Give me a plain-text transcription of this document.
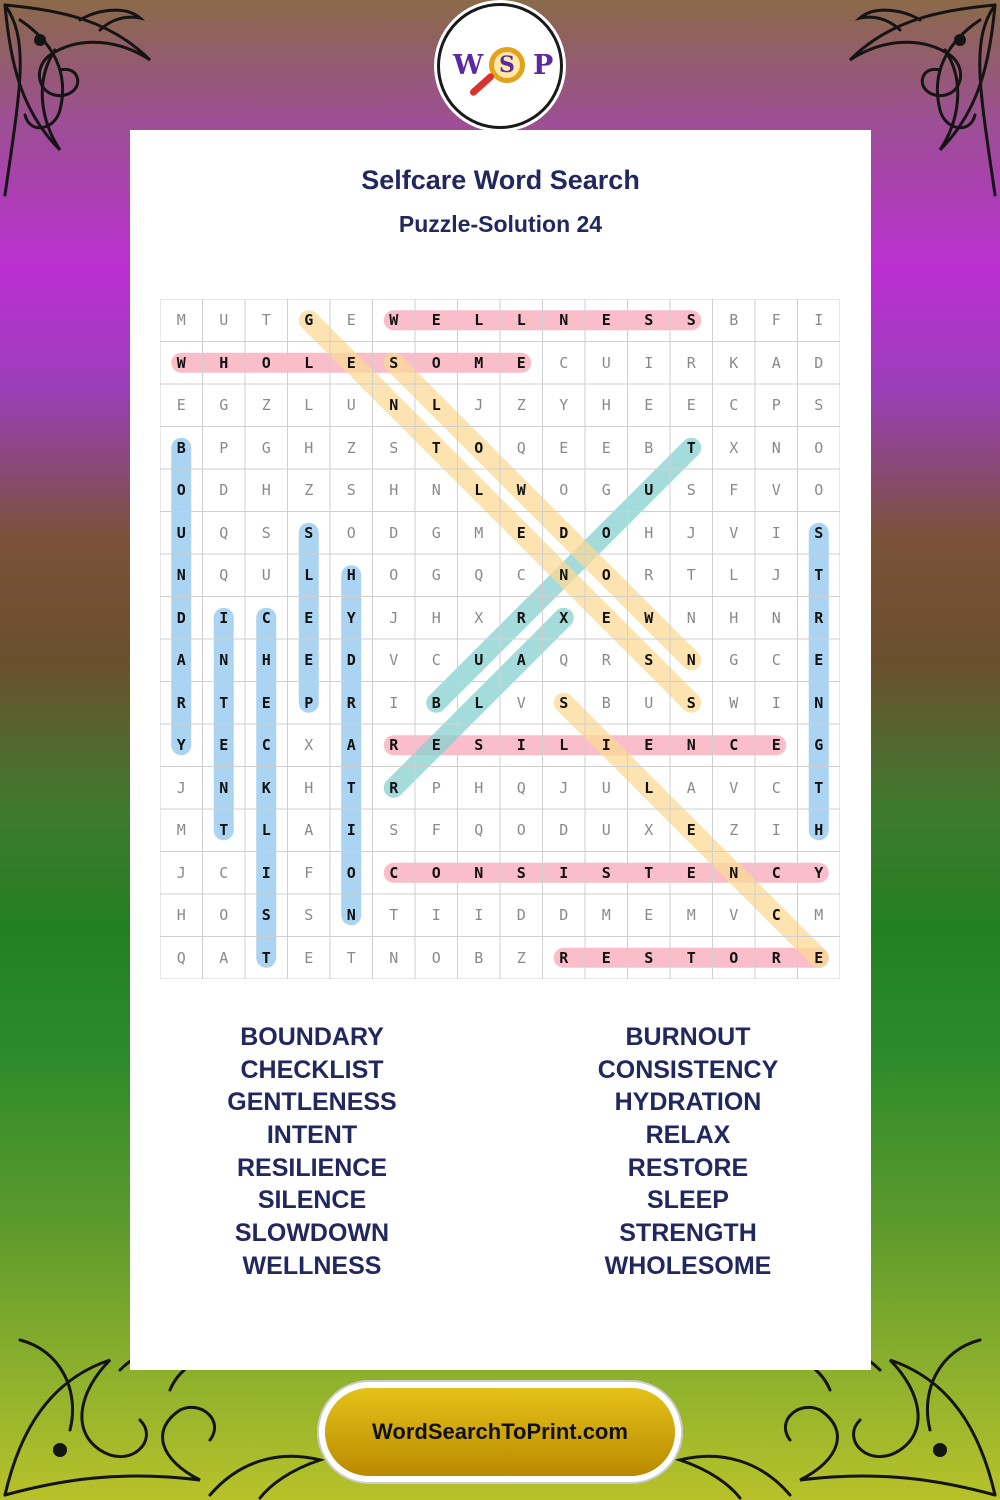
W S P
Selfcare Word Search
Puzzle-Solution 24
M	U	T	G	E	W	E	L	L	N	E	S	S	B	F	I
W	H	O	L	E	S	O	M	E	C	U	I	R	K	A	D
E	G	Z	L	U	N	L	J	Z	Y	H	E	E	C	P	S
B	P	G	H	Z	S	T	O	Q	E	E	B	T	X	N	O
O	D	H	Z	S	H	N	L	W	O	G	U	S	F	V	O
U	Q	S	S	O	D	G	M	E	D	O	H	J	V	I	S
N	Q	U	L	H	O	G	Q	C	N	O	R	T	L	J	T
D	I	C	E	Y	J	H	X	R	X	E	W	N	H	N	R
A	N	H	E	D	V	C	U	A	Q	R	S	N	G	C	E
R	T	E	P	R	I	B	L	V	S	B	U	S	W	I	N
Y	E	C	X	A	R	E	S	I	L	I	E	N	C	E	G
J	N	K	H	T	R	P	H	Q	J	U	L	A	V	C	T
M	T	L	A	I	S	F	Q	O	D	U	X	E	Z	I	H
J	C	I	F	O	C	O	N	S	I	S	T	E	N	C	Y
H	O	S	S	N	T	I	I	D	D	M	E	M	V	C	M
Q	A	T	E	T	N	O	B	Z	R	E	S	T	O	R	E
BOUNDARY
CHECKLIST
GENTLENESS
INTENT
RESILIENCE
SILENCE
SLOWDOWN
WELLNESS
BURNOUT
CONSISTENCY
HYDRATION
RELAX
RESTORE
SLEEP
STRENGTH
WHOLESOME
WordSearchToPrint.com
